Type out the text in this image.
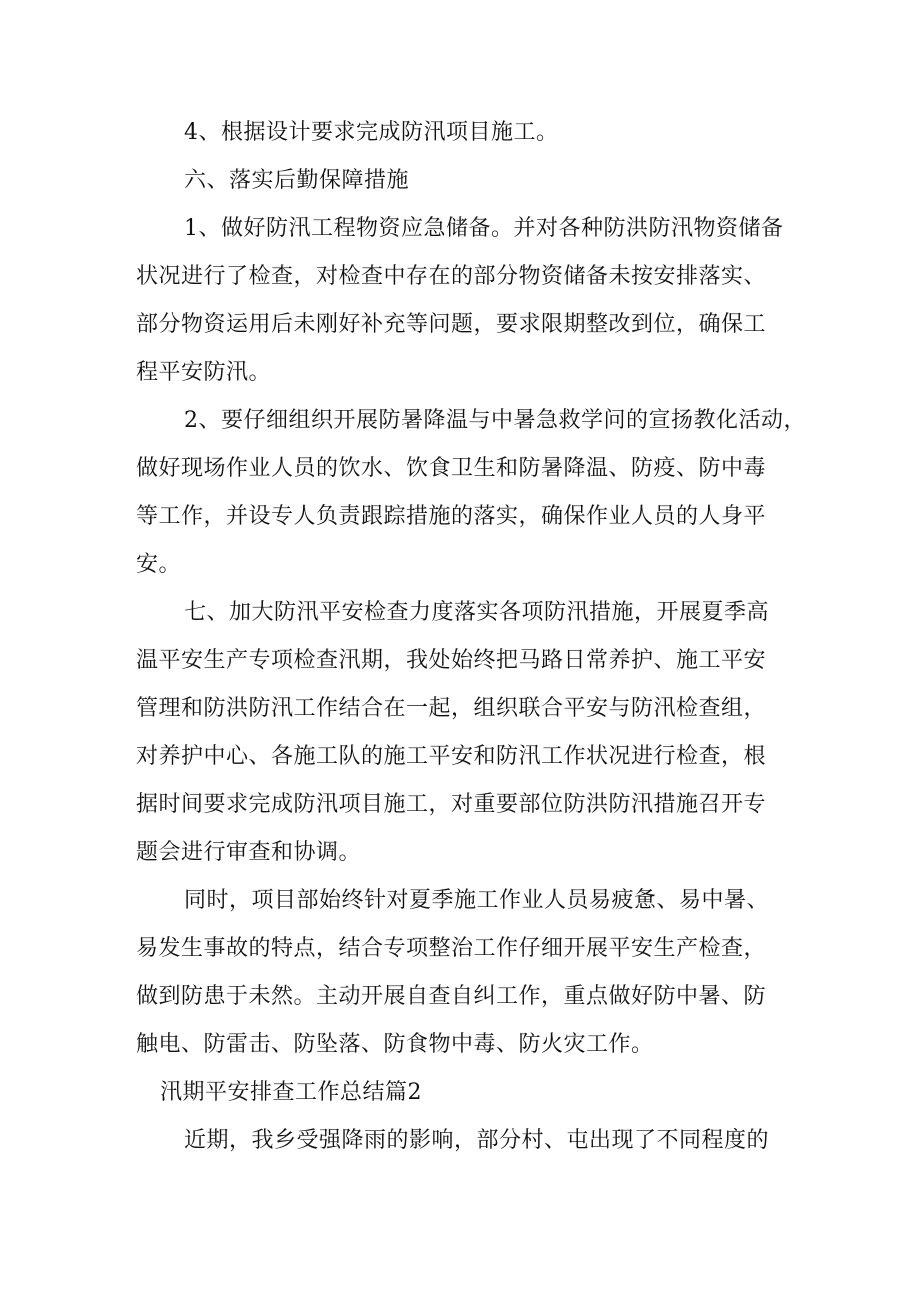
4、根据设计要求完成防汛项目施工。
六、落实后勤保障措施
1、做好防汛工程物资应急储备。并对各种防洪防汛物资储备
状况进行了检查，对检查中存在的部分物资储备未按安排落实、
部分物资运用后未刚好补充等问题，要求限期整改到位，确保工
程平安防汛。
2、要仔细组织开展防暑降温与中暑急救学问的宣扬教化活动，
做好现场作业人员的饮水、饮食卫生和防暑降温、防疫、防中毒
等工作，并设专人负责跟踪措施的落实，确保作业人员的人身平
安。
七、加大防汛平安检查力度落实各项防汛措施，开展夏季高
温平安生产专项检查汛期，我处始终把马路日常养护、施工平安
管理和防洪防汛工作结合在一起，组织联合平安与防汛检查组，
对养护中心、各施工队的施工平安和防汛工作状况进行检查，根
据时间要求完成防汛项目施工，对重要部位防洪防汛措施召开专
题会进行审查和协调。
同时，项目部始终针对夏季施工作业人员易疲惫、易中暑、
易发生事故的特点，结合专项整治工作仔细开展平安生产检查，
做到防患于未然。主动开展自查自纠工作，重点做好防中暑、防
触电、防雷击、防坠落、防食物中毒、防火灾工作。
汛期平安排查工作总结篇2
近期，我乡受强降雨的影响，部分村、屯出现了不同程度的
